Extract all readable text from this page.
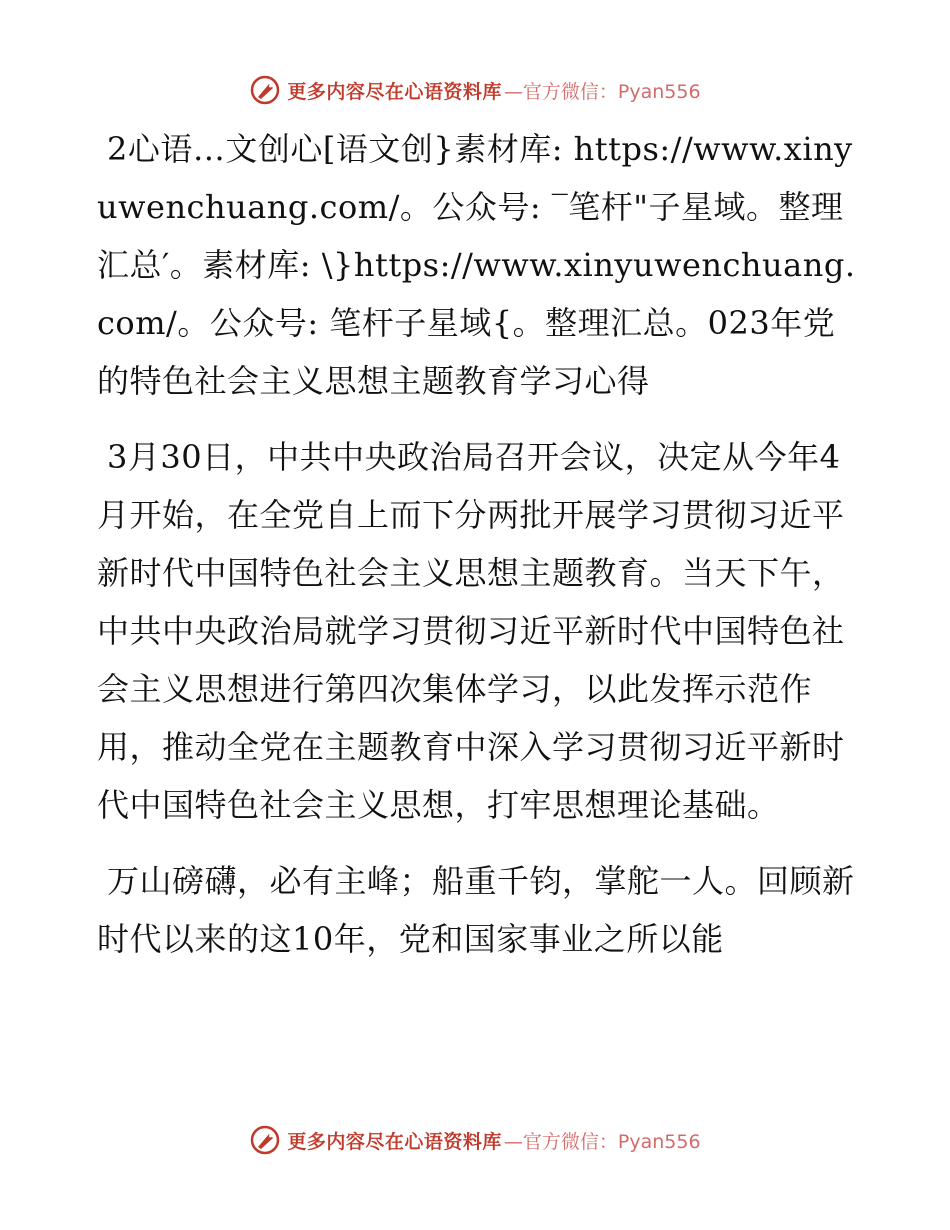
更多内容尽在心语资料库 —官方微信：Pyan556

2心语…文创心[语文创}素材库: https://www.xinyuwenchuang.com/。公众号: ‾笔杆"子星域。整理汇总′。素材库: \}https://www.xinyuwenchuang.com/。公众号: 笔杆子星域{。整理汇总。023年党的特色社会主义思想主题教育学习心得

3月30日，中共中央政治局召开会议，决定从今年4月开始，在全党自上而下分两批开展学习贯彻习近平新时代中国特色社会主义思想主题教育。当天下午，中共中央政治局就学习贯彻习近平新时代中国特色社会主义思想进行第四次集体学习，以此发挥示范作用，推动全党在主题教育中深入学习贯彻习近平新时代中国特色社会主义思想，打牢思想理论基础。

万山磅礴，必有主峰；船重千钧，掌舵一人。回顾新时代以来的这10年，党和国家事业之所以能

更多内容尽在心语资料库 —官方微信：Pyan556
